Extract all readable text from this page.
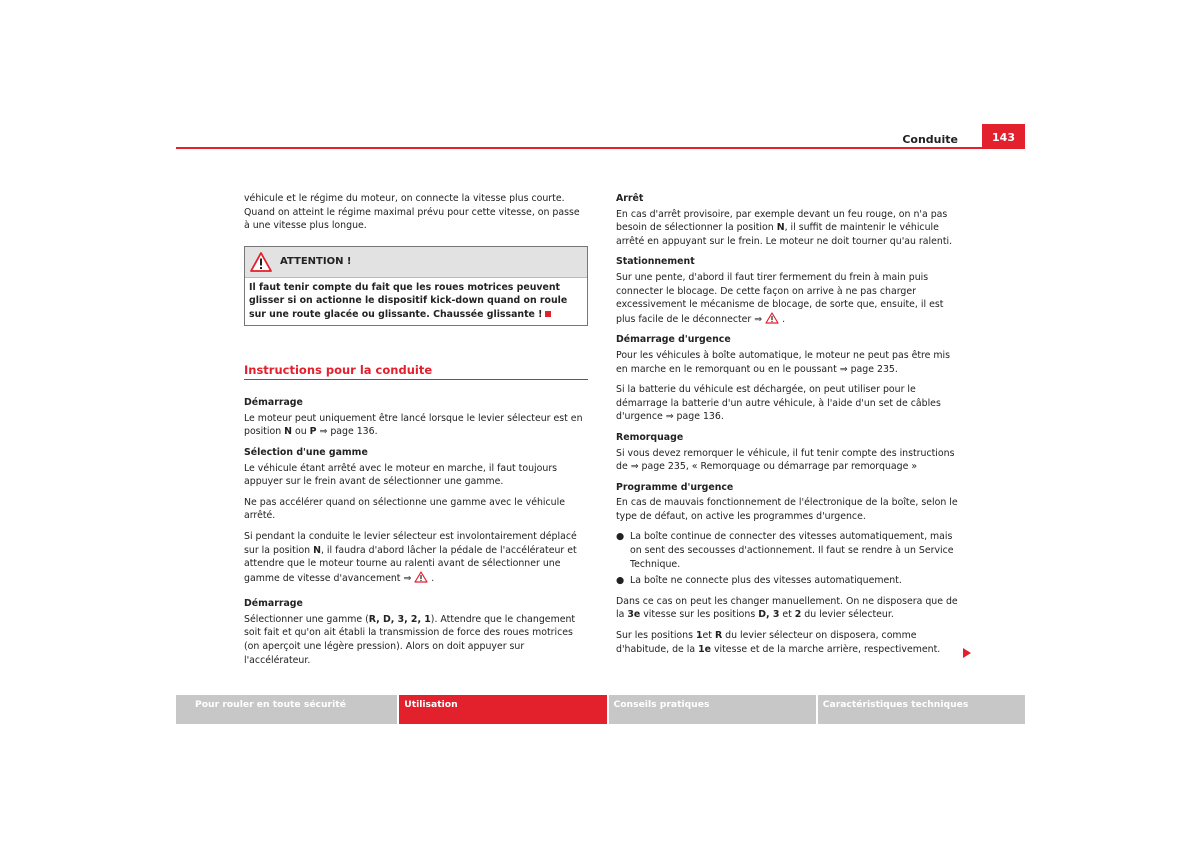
Conduite	143

véhicule et le régime du moteur, on connecte la vitesse plus courte. Quand on atteint le régime maximal prévu pour cette vitesse, on passe à une vitesse plus longue.

ATTENTION !
Il faut tenir compte du fait que les roues motrices peuvent glisser si on actionne le dispositif kick-down quand on roule sur une route glacée ou glissante. Chaussée glissante !
Instructions pour la conduite
Démarrage

Le moteur peut uniquement être lancé lorsque le levier sélecteur est en position N ou P ⇒ page 136.

Sélection d'une gamme

Le véhicule étant arrêté avec le moteur en marche, il faut toujours appuyer sur le frein avant de sélectionner une gamme.

Ne pas accélérer quand on sélectionne une gamme avec le véhicule arrêté.

Si pendant la conduite le levier sélecteur est involontairement déplacé sur la position N, il faudra d'abord lâcher la pédale de l'accélérateur et attendre que le moteur tourne au ralenti avant de sélectionner une gamme de vitesse d'avancement ⇒  .

Démarrage

Sélectionner une gamme (R, D, 3, 2, 1). Attendre que le changement soit fait et qu'on ait établi la transmission de force des roues motrices (on aperçoit une légère pression). Alors on doit appuyer sur l'accélérateur.

Arrêt

En cas d'arrêt provisoire, par exemple devant un feu rouge, on n'a pas besoin de sélectionner la position N, il suffit de maintenir le véhicule arrêté en appuyant sur le frein. Le moteur ne doit tourner qu'au ralenti.

Stationnement

Sur une pente, d'abord il faut tirer fermement du frein à main puis connecter le blocage. De cette façon on arrive à ne pas charger excessivement le mécanisme de blocage, de sorte que, ensuite, il est plus facile de le déconnecter ⇒  .

Démarrage d'urgence

Pour les véhicules à boîte automatique, le moteur ne peut pas être mis en marche en le remorquant ou en le poussant ⇒ page 235.

Si la batterie du véhicule est déchargée, on peut utiliser pour le démarrage la batterie d'un autre véhicule, à l'aide d'un set de câbles d'urgence ⇒ page 136.

Remorquage

Si vous devez remorquer le véhicule, il fut tenir compte des instructions de ⇒ page 235, « Remorquage ou démarrage par remorquage »

Programme d'urgence

En cas de mauvais fonctionnement de l'électronique de la boîte, selon le type de défaut, on active les programmes d'urgence.

● La boîte continue de connecter des vitesses automatiquement, mais on sent des secousses d'actionnement. Il faut se rendre à un Service Technique.

● La boîte ne connecte plus des vitesses automatiquement.

Dans ce cas on peut les changer manuellement. On ne disposera que de la 3e vitesse sur les positions D, 3 et 2 du levier sélecteur.

Sur les positions 1et R du levier sélecteur on disposera, comme d'habitude, de la 1e vitesse et de la marche arrière, respectivement.

Pour rouler en toute sécurité	Utilisation	Conseils pratiques	Caractéristiques techniques
